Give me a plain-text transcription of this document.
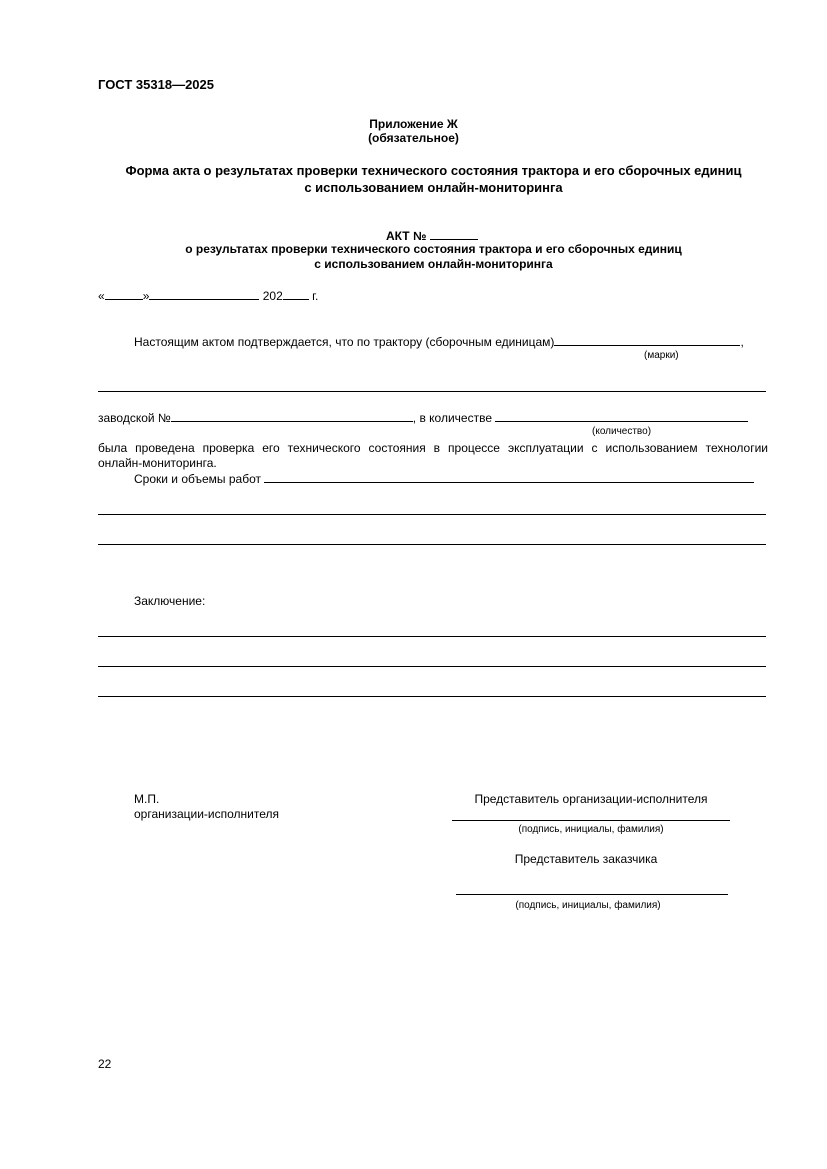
ГОСТ 35318—2025
Приложение Ж
(обязательное)
Форма акта о результатах проверки технического состояния трактора и его сборочных единиц
с использованием онлайн-мониторинга
АКТ №
о результатах проверки технического состояния трактора и его сборочных единиц
с использованием онлайн-мониторинга
«	»	202 г.
Настоящим актом подтверждается, что по трактору (сборочным единицам)	,
(марки)
заводской №	, в количестве
(количество)
была проведена проверка его технического состояния в процессе эксплуатации с использованием технологии
онлайн-мониторинга.
Сроки и объемы работ
Заключение:
М.П.
организации-исполнителя
Представитель организации-исполнителя
(подпись, инициалы, фамилия)
Представитель заказчика
(подпись, инициалы, фамилия)
22
